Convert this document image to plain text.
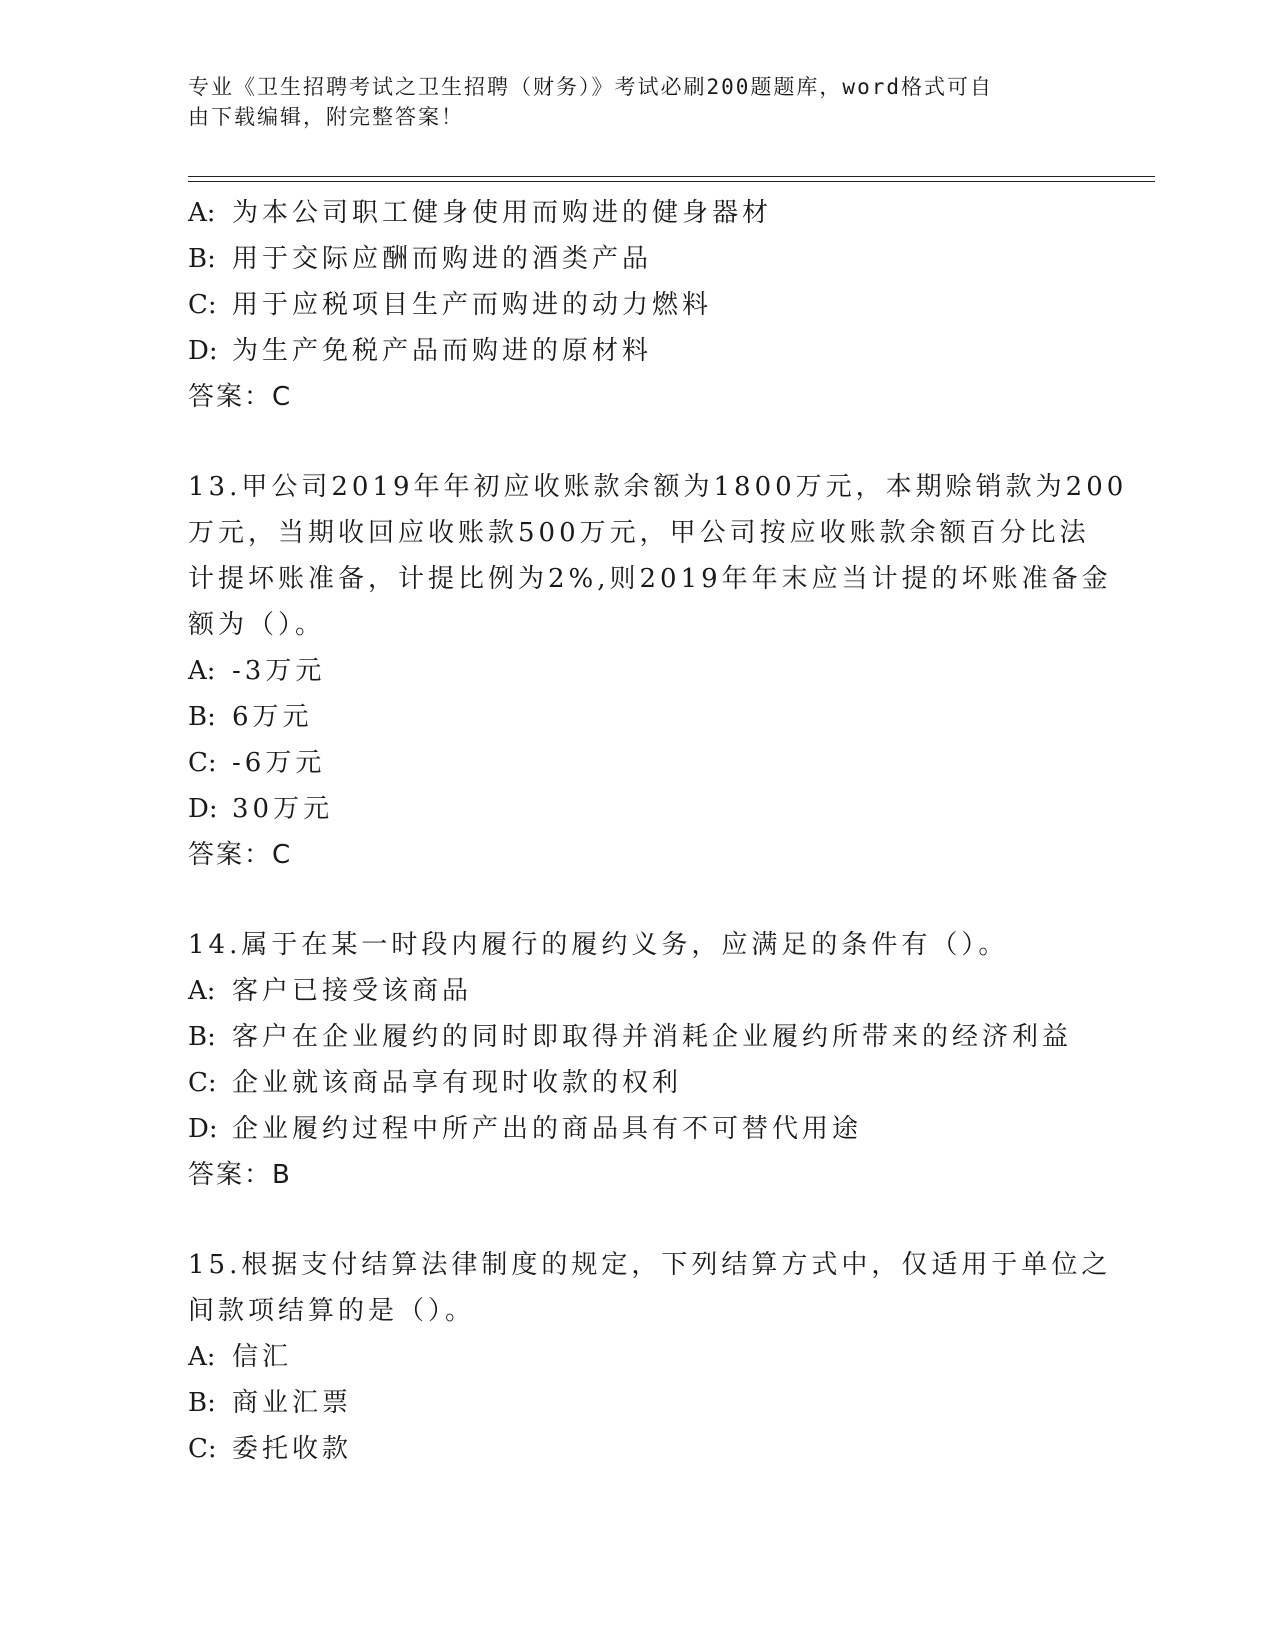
专业《卫生招聘考试之卫生招聘（财务）》考试必刷200题题库，word格式可自
由下载编辑，附完整答案！
A: 为本公司职工健身使用而购进的健身器材
B: 用于交际应酬而购进的酒类产品
C: 用于应税项目生产而购进的动力燃料
D: 为生产免税产品而购进的原材料
答案：C
13.甲公司2019年年初应收账款余额为1800万元，本期赊销款为200
万元，当期收回应收账款500万元，甲公司按应收账款余额百分比法
计提坏账准备，计提比例为2%,则2019年年末应当计提的坏账准备金
额为（）。
A: -3万元
B: 6万元
C: -6万元
D: 30万元
答案：C
14.属于在某一时段内履行的履约义务，应满足的条件有（）。
A: 客户已接受该商品
B: 客户在企业履约的同时即取得并消耗企业履约所带来的经济利益
C: 企业就该商品享有现时收款的权利
D: 企业履约过程中所产出的商品具有不可替代用途
答案：B
15.根据支付结算法律制度的规定，下列结算方式中，仅适用于单位之
间款项结算的是（）。
A: 信汇
B: 商业汇票
C: 委托收款
